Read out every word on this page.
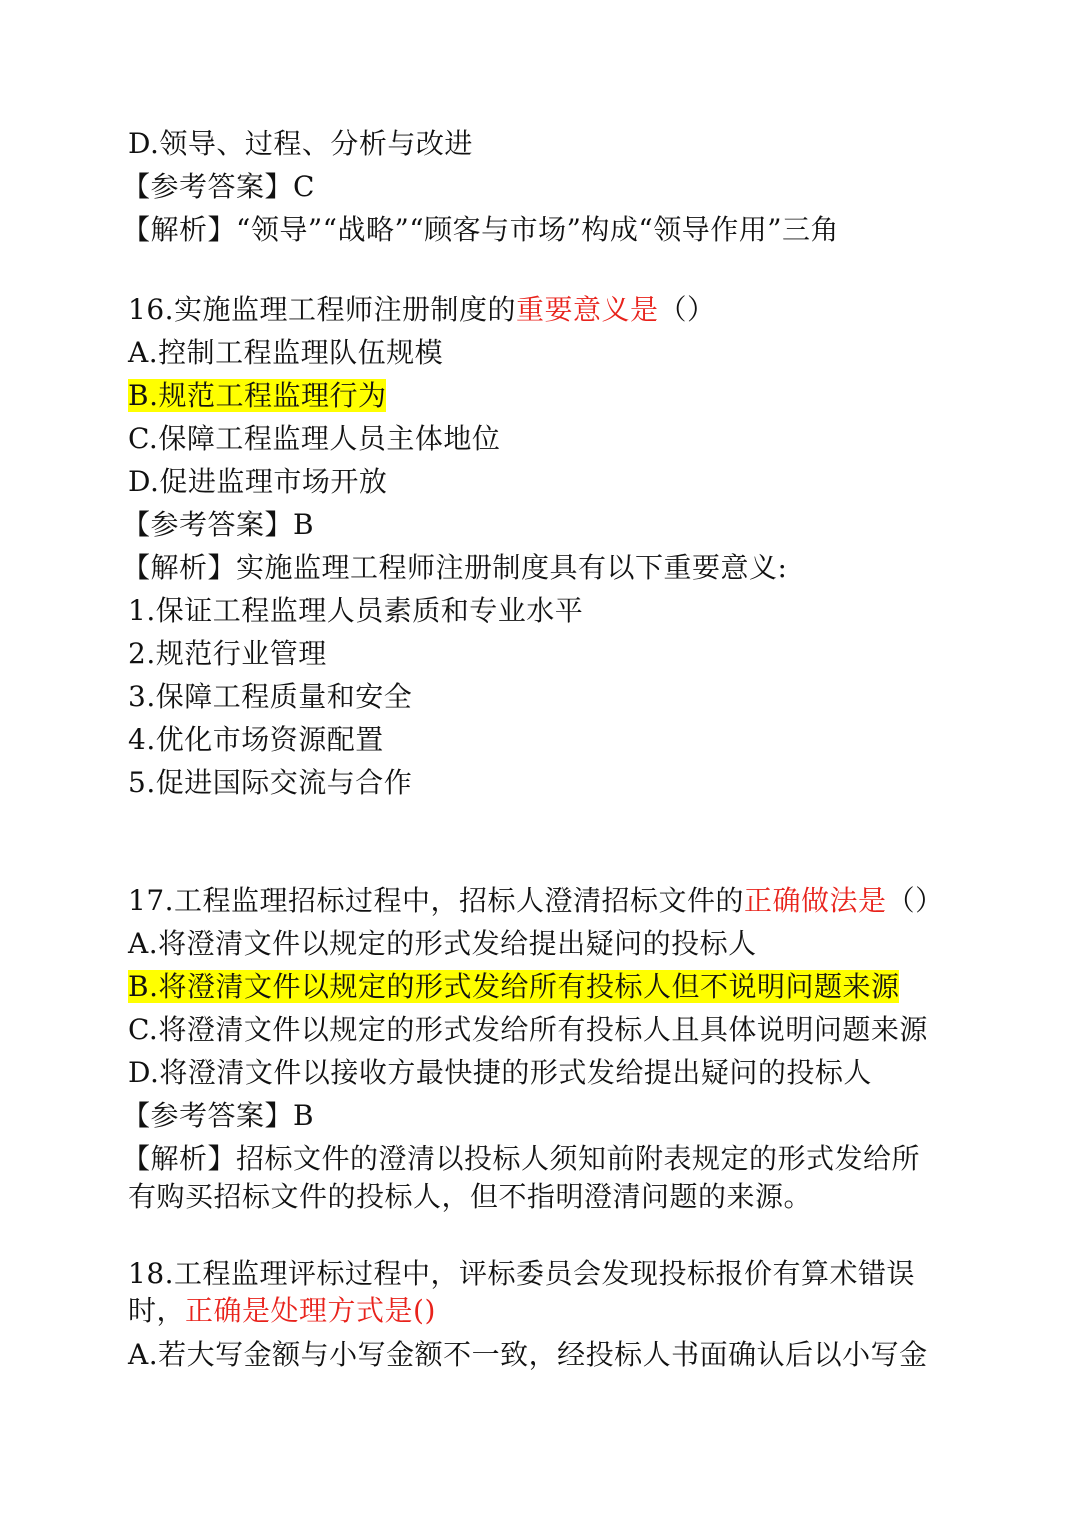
D.领导、过程、分析与改进
【参考答案】C
【解析】“领导”“战略”“顾客与市场”构成“领导作用”三角
16.实施监理工程师注册制度的重要意义是（）
A.控制工程监理队伍规模
B.规范工程监理行为
C.保障工程监理人员主体地位
D.促进监理市场开放
【参考答案】B
【解析】实施监理工程师注册制度具有以下重要意义:
1.保证工程监理人员素质和专业水平
2.规范行业管理
3.保障工程质量和安全
4.优化市场资源配置
5.促进国际交流与合作
17.工程监理招标过程中，招标人澄清招标文件的正确做法是（）
A.将澄清文件以规定的形式发给提出疑问的投标人
B.将澄清文件以规定的形式发给所有投标人但不说明问题来源
C.将澄清文件以规定的形式发给所有投标人且具体说明问题来源
D.将澄清文件以接收方最快捷的形式发给提出疑问的投标人
【参考答案】B
【解析】招标文件的澄清以投标人须知前附表规定的形式发给所
有购买招标文件的投标人，但不指明澄清问题的来源。
18.工程监理评标过程中，评标委员会发现投标报价有算术错误
时，正确是处理方式是()
A.若大写金额与小写金额不一致，经投标人书面确认后以小写金
